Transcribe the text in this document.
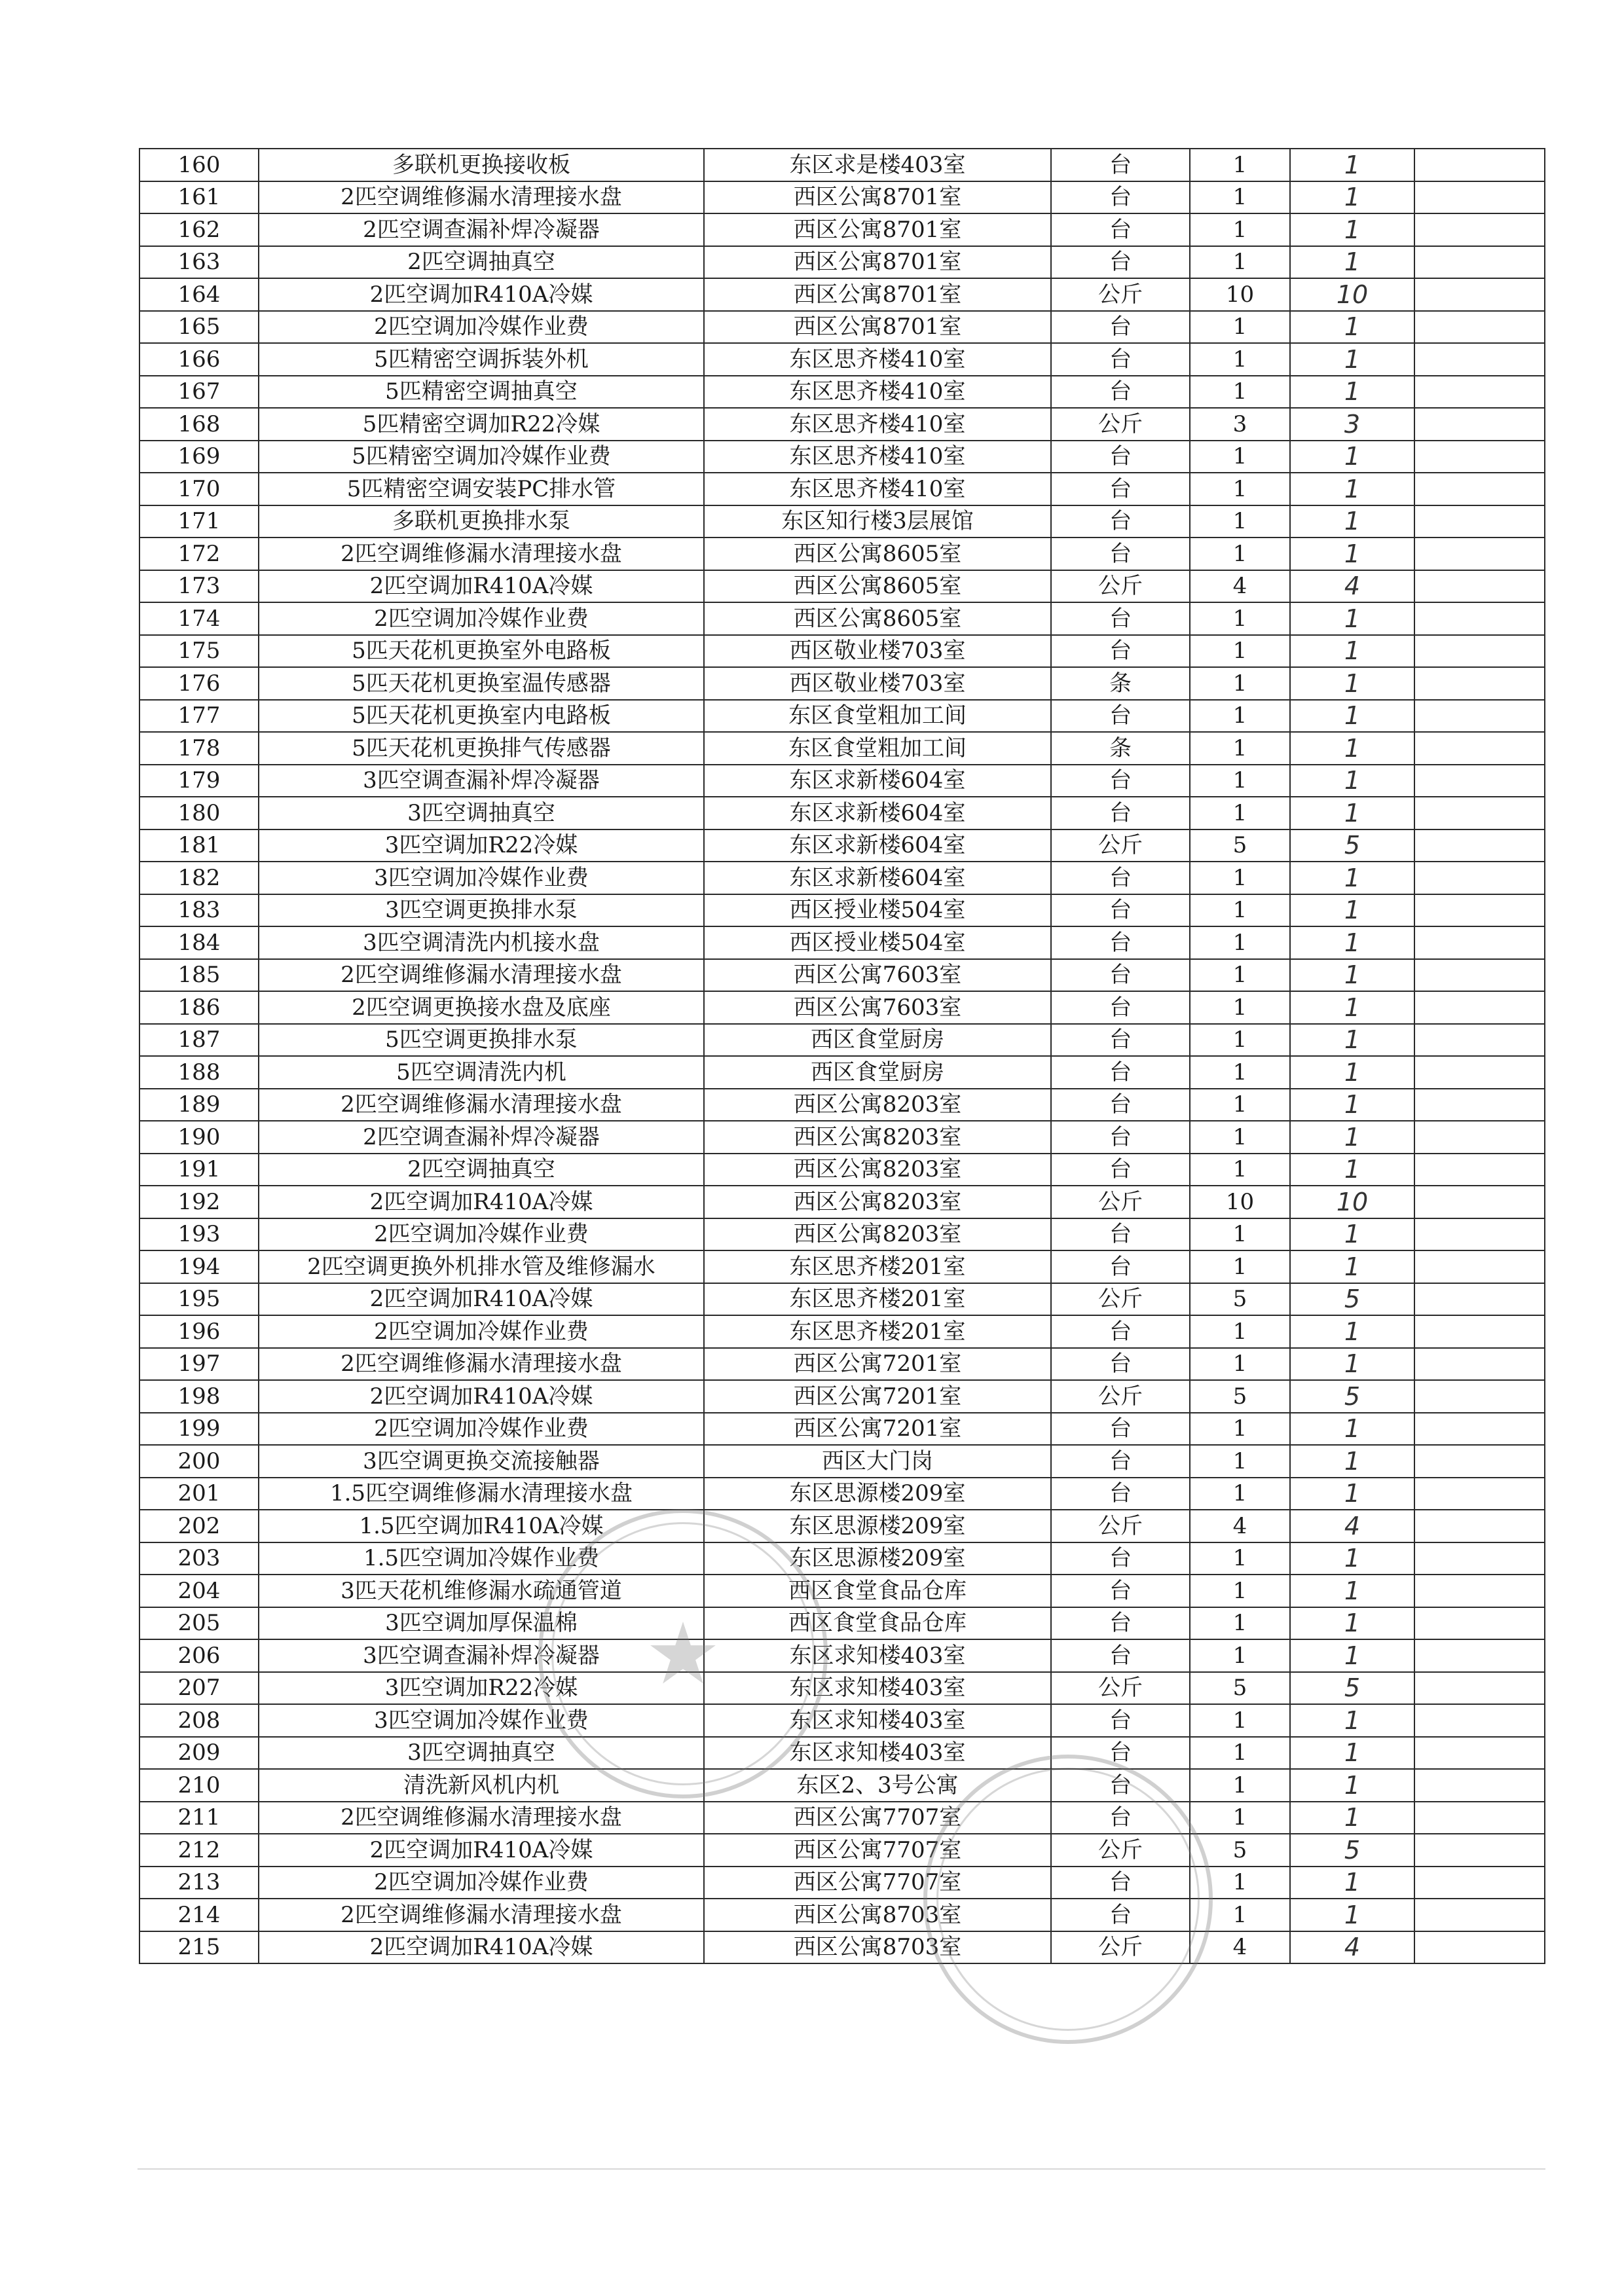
160	多联机更换接收板	东区求是楼403室	台	1	1	
161	2匹空调维修漏水清理接水盘	西区公寓8701室	台	1	1	
162	2匹空调查漏补焊冷凝器	西区公寓8701室	台	1	1	
163	2匹空调抽真空	西区公寓8701室	台	1	1	
164	2匹空调加R410A冷媒	西区公寓8701室	公斤	10	10	
165	2匹空调加冷媒作业费	西区公寓8701室	台	1	1	
166	5匹精密空调拆装外机	东区思齐楼410室	台	1	1	
167	5匹精密空调抽真空	东区思齐楼410室	台	1	1	
168	5匹精密空调加R22冷媒	东区思齐楼410室	公斤	3	3	
169	5匹精密空调加冷媒作业费	东区思齐楼410室	台	1	1	
170	5匹精密空调安装PC排水管	东区思齐楼410室	台	1	1	
171	多联机更换排水泵	东区知行楼3层展馆	台	1	1	
172	2匹空调维修漏水清理接水盘	西区公寓8605室	台	1	1	
173	2匹空调加R410A冷媒	西区公寓8605室	公斤	4	4	
174	2匹空调加冷媒作业费	西区公寓8605室	台	1	1	
175	5匹天花机更换室外电路板	西区敬业楼703室	台	1	1	
176	5匹天花机更换室温传感器	西区敬业楼703室	条	1	1	
177	5匹天花机更换室内电路板	东区食堂粗加工间	台	1	1	
178	5匹天花机更换排气传感器	东区食堂粗加工间	条	1	1	
179	3匹空调查漏补焊冷凝器	东区求新楼604室	台	1	1	
180	3匹空调抽真空	东区求新楼604室	台	1	1	
181	3匹空调加R22冷媒	东区求新楼604室	公斤	5	5	
182	3匹空调加冷媒作业费	东区求新楼604室	台	1	1	
183	3匹空调更换排水泵	西区授业楼504室	台	1	1	
184	3匹空调清洗内机接水盘	西区授业楼504室	台	1	1	
185	2匹空调维修漏水清理接水盘	西区公寓7603室	台	1	1	
186	2匹空调更换接水盘及底座	西区公寓7603室	台	1	1	
187	5匹空调更换排水泵	西区食堂厨房	台	1	1	
188	5匹空调清洗内机	西区食堂厨房	台	1	1	
189	2匹空调维修漏水清理接水盘	西区公寓8203室	台	1	1	
190	2匹空调查漏补焊冷凝器	西区公寓8203室	台	1	1	
191	2匹空调抽真空	西区公寓8203室	台	1	1	
192	2匹空调加R410A冷媒	西区公寓8203室	公斤	10	10	
193	2匹空调加冷媒作业费	西区公寓8203室	台	1	1	
194	2匹空调更换外机排水管及维修漏水	东区思齐楼201室	台	1	1	
195	2匹空调加R410A冷媒	东区思齐楼201室	公斤	5	5	
196	2匹空调加冷媒作业费	东区思齐楼201室	台	1	1	
197	2匹空调维修漏水清理接水盘	西区公寓7201室	台	1	1	
198	2匹空调加R410A冷媒	西区公寓7201室	公斤	5	5	
199	2匹空调加冷媒作业费	西区公寓7201室	台	1	1	
200	3匹空调更换交流接触器	西区大门岗	台	1	1	
201	1.5匹空调维修漏水清理接水盘	东区思源楼209室	台	1	1	
202	1.5匹空调加R410A冷媒	东区思源楼209室	公斤	4	4	
203	1.5匹空调加冷媒作业费	东区思源楼209室	台	1	1	
204	3匹天花机维修漏水疏通管道	西区食堂食品仓库	台	1	1	
205	3匹空调加厚保温棉	西区食堂食品仓库	台	1	1	
206	3匹空调查漏补焊冷凝器	东区求知楼403室	台	1	1	
207	3匹空调加R22冷媒	东区求知楼403室	公斤	5	5	
208	3匹空调加冷媒作业费	东区求知楼403室	台	1	1	
209	3匹空调抽真空	东区求知楼403室	台	1	1	
210	清洗新风机内机	东区2、3号公寓	台	1	1	
211	2匹空调维修漏水清理接水盘	西区公寓7707室	台	1	1	
212	2匹空调加R410A冷媒	西区公寓7707室	公斤	5	5	
213	2匹空调加冷媒作业费	西区公寓7707室	台	1	1	
214	2匹空调维修漏水清理接水盘	西区公寓8703室	台	1	1	
215	2匹空调加R410A冷媒	西区公寓8703室	公斤	4	4	
★
